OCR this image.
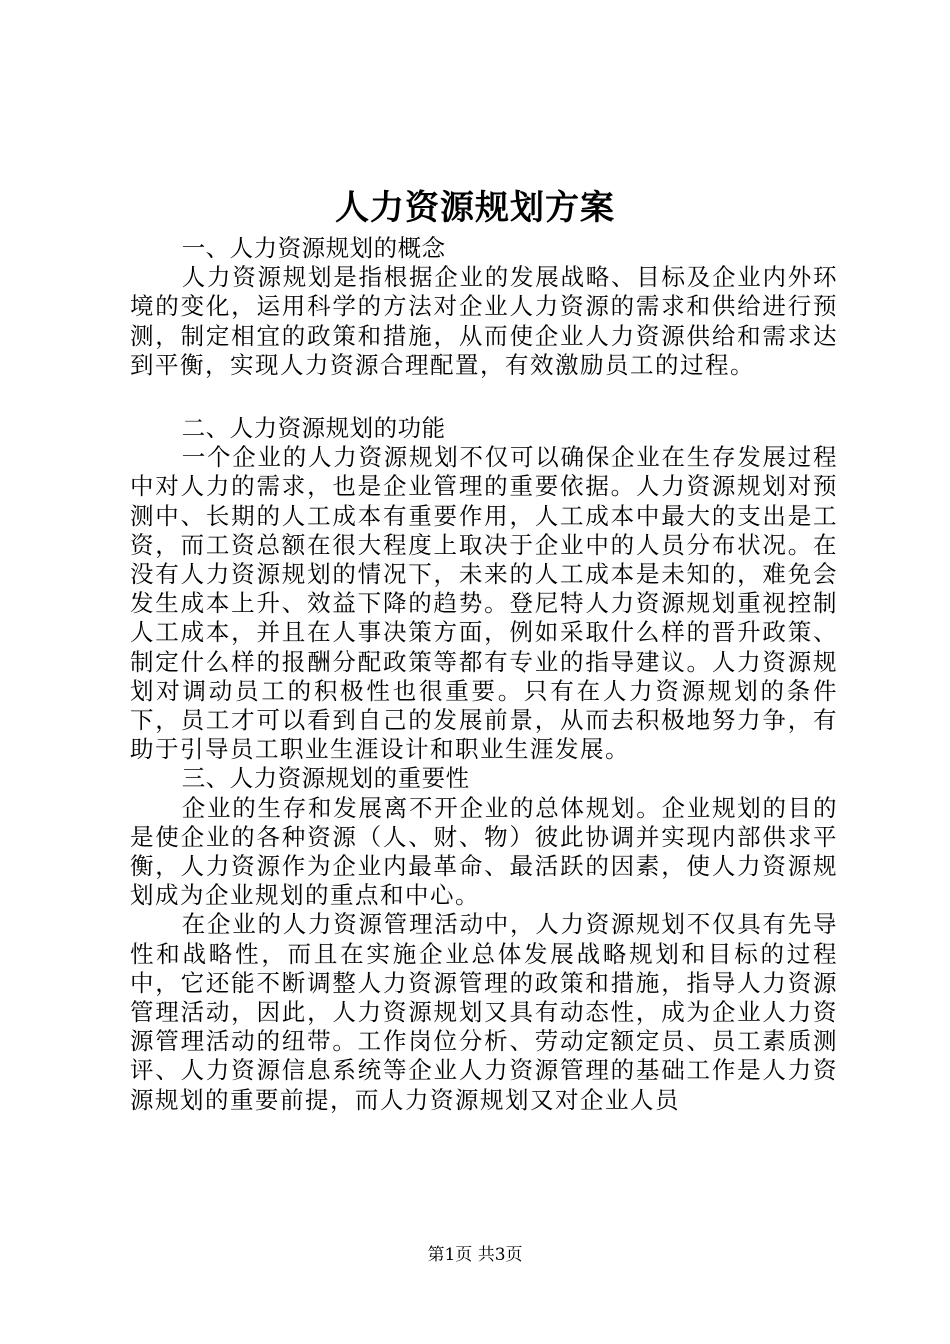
人力资源规划方案

一、人力资源规划的概念

人力资源规划是指根据企业的发展战略、目标及企业内外环境的变化，运用科学的方法对企业人力资源的需求和供给进行预测，制定相宜的政策和措施，从而使企业人力资源供给和需求达到平衡，实现人力资源合理配置，有效激励员工的过程。

二、人力资源规划的功能

一个企业的人力资源规划不仅可以确保企业在生存发展过程中对人力的需求，也是企业管理的重要依据。人力资源规划对预测中、长期的人工成本有重要作用，人工成本中最大的支出是工资，而工资总额在很大程度上取决于企业中的人员分布状况。在没有人力资源规划的情况下，未来的人工成本是未知的，难免会发生成本上升、效益下降的趋势。登尼特人力资源规划重视控制人工成本，并且在人事决策方面，例如采取什么样的晋升政策、制定什么样的报酬分配政策等都有专业的指导建议。人力资源规划对调动员工的积极性也很重要。只有在人力资源规划的条件下，员工才可以看到自己的发展前景，从而去积极地努力争，有助于引导员工职业生涯设计和职业生涯发展。

三、人力资源规划的重要性

企业的生存和发展离不开企业的总体规划。企业规划的目的是使企业的各种资源（人、财、物）彼此协调并实现内部供求平衡，人力资源作为企业内最革命、最活跃的因素，使人力资源规划成为企业规划的重点和中心。

在企业的人力资源管理活动中，人力资源规划不仅具有先导性和战略性，而且在实施企业总体发展战略规划和目标的过程中，它还能不断调整人力资源管理的政策和措施，指导人力资源管理活动，因此，人力资源规划又具有动态性，成为企业人力资源管理活动的纽带。工作岗位分析、劳动定额定员、员工素质测评、人力资源信息系统等企业人力资源管理的基础工作是人力资源规划的重要前提，而人力资源规划又对企业人员

第1页 共3页
